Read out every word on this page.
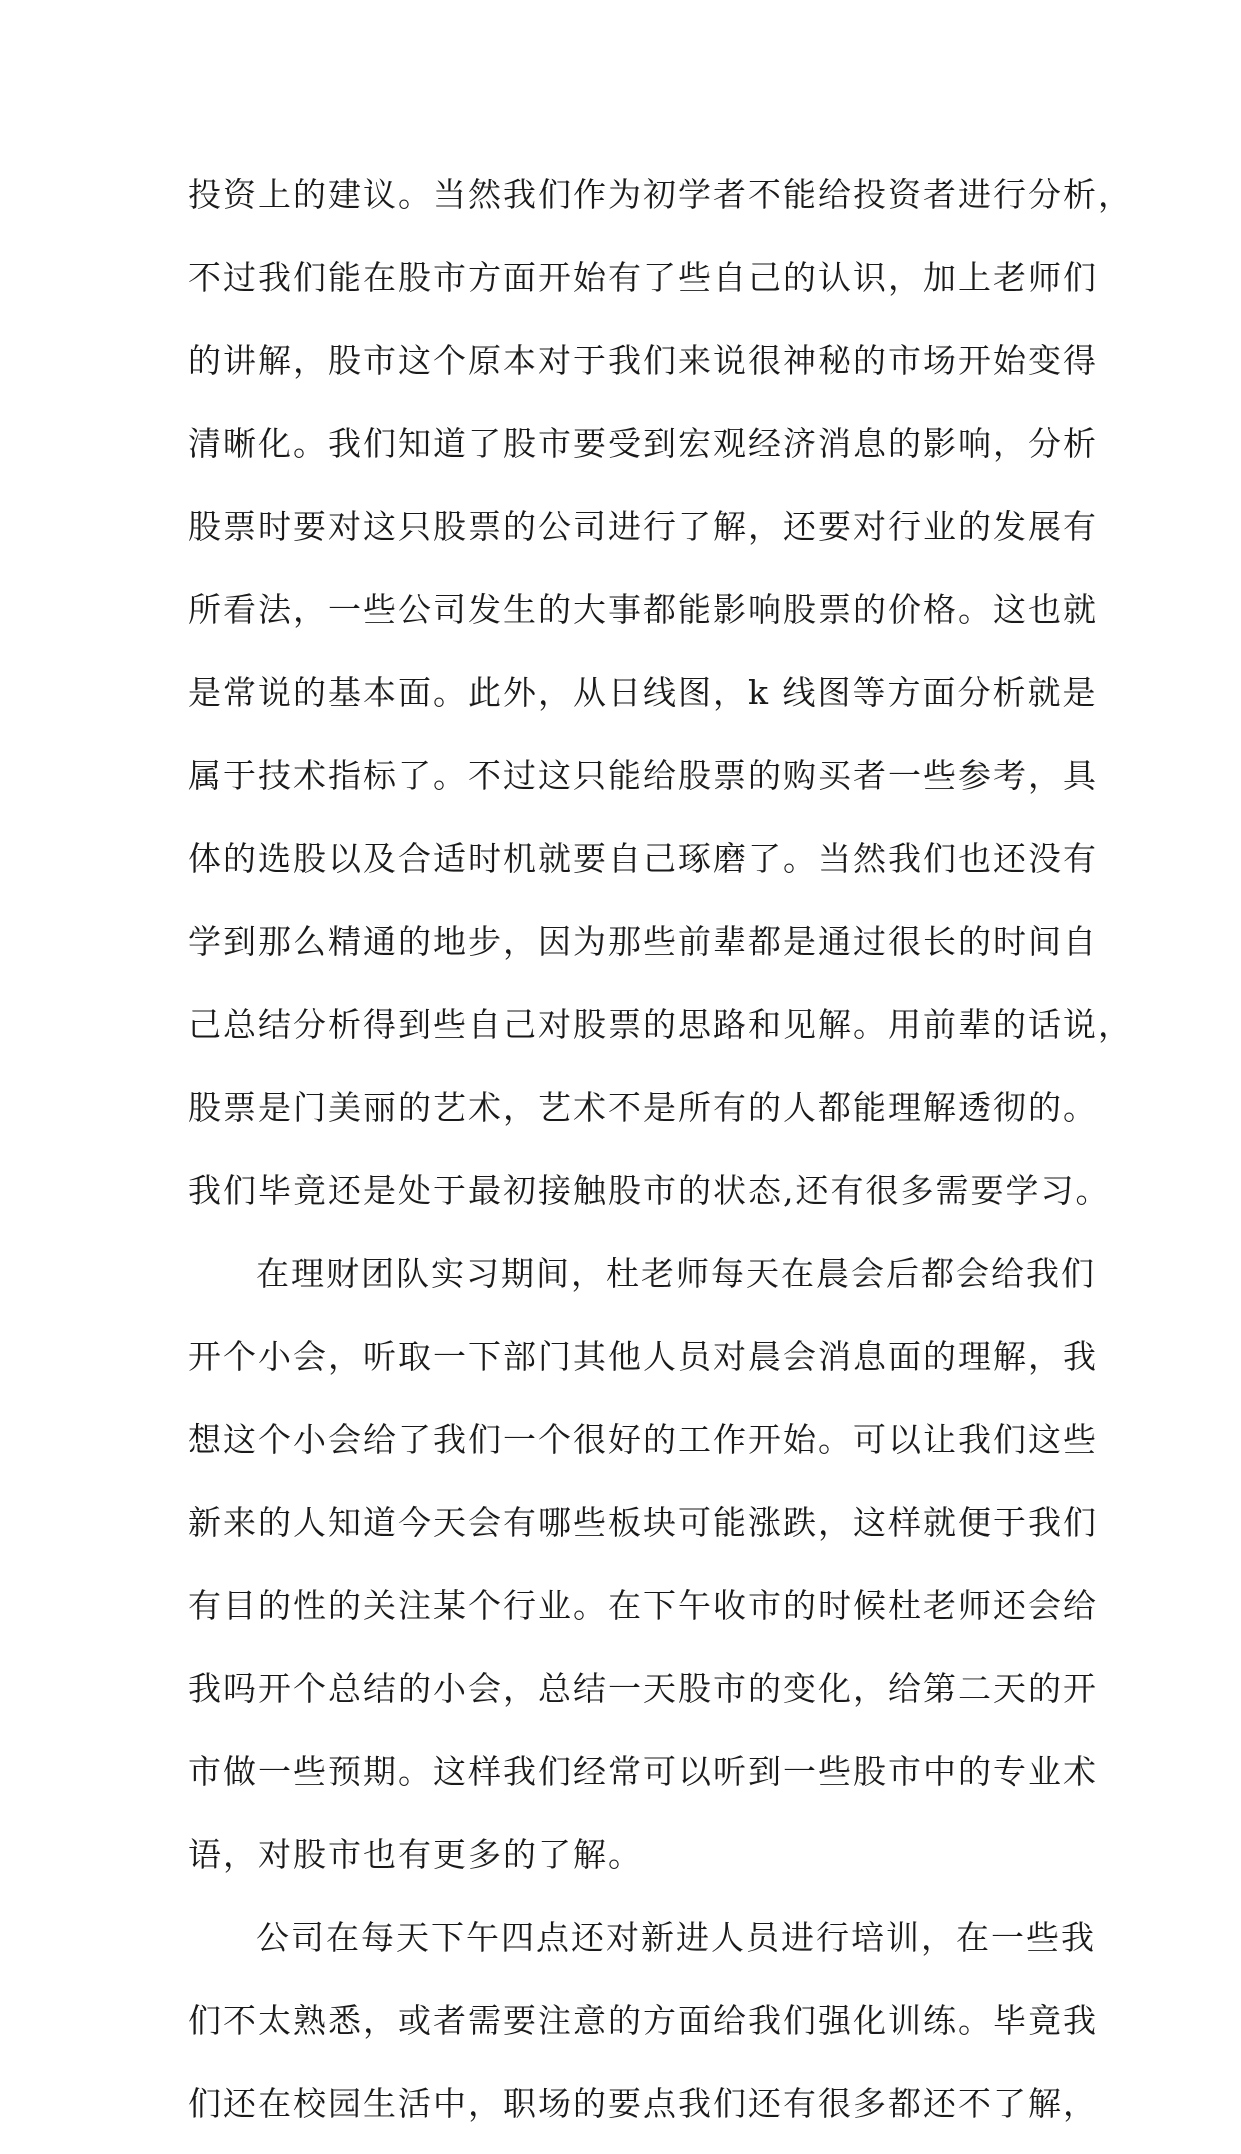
投资上的建议。当然我们作为初学者不能给投资者进行分析，
不过我们能在股市方面开始有了些自己的认识，加上老师们
的讲解，股市这个原本对于我们来说很神秘的市场开始变得
清晰化。我们知道了股市要受到宏观经济消息的影响，分析
股票时要对这只股票的公司进行了解，还要对行业的发展有
所看法，一些公司发生的大事都能影响股票的价格。这也就
是常说的基本面。此外，从日线图，k 线图等方面分析就是
属于技术指标了。不过这只能给股票的购买者一些参考，具
体的选股以及合适时机就要自己琢磨了。当然我们也还没有
学到那么精通的地步，因为那些前辈都是通过很长的时间自
己总结分析得到些自己对股票的思路和见解。用前辈的话说，
股票是门美丽的艺术，艺术不是所有的人都能理解透彻的。
我们毕竟还是处于最初接触股市的状态,还有很多需要学习。
在理财团队实习期间，杜老师每天在晨会后都会给我们
开个小会，听取一下部门其他人员对晨会消息面的理解，我
想这个小会给了我们一个很好的工作开始。可以让我们这些
新来的人知道今天会有哪些板块可能涨跌，这样就便于我们
有目的性的关注某个行业。在下午收市的时候杜老师还会给
我吗开个总结的小会，总结一天股市的变化，给第二天的开
市做一些预期。这样我们经常可以听到一些股市中的专业术
语，对股市也有更多的了解。
公司在每天下午四点还对新进人员进行培训，在一些我
们不太熟悉，或者需要注意的方面给我们强化训练。毕竟我
们还在校园生活中，职场的要点我们还有很多都还不了解，
